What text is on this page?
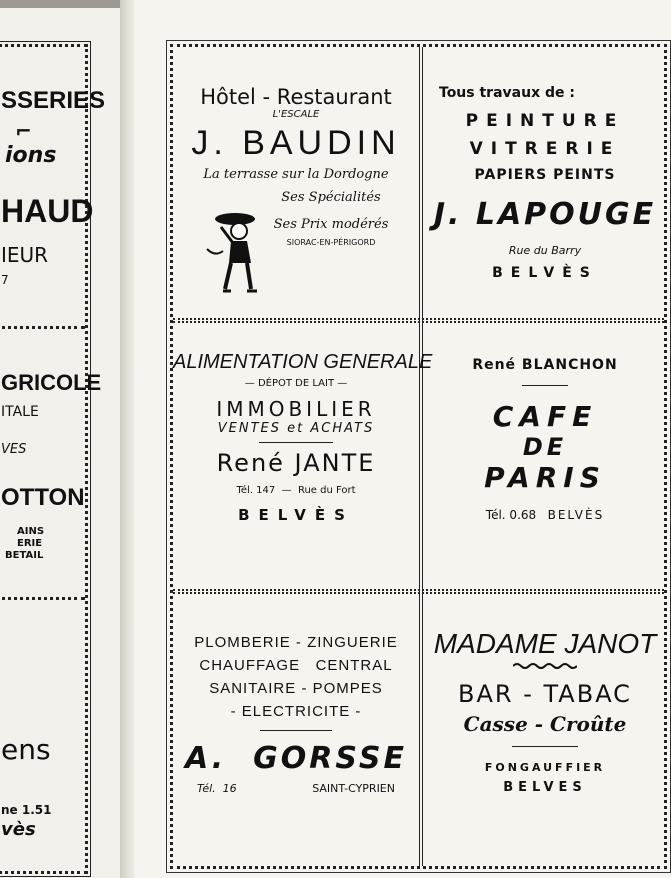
SSERIES
⌐
ions
HAUD
IEUR
7
GRICOLE
ITALE
VES
OTTON
AINS
ERIE
BETAIL
ens
ne 1.51
vès
Hôtel - Restaurant
L'ESCALE
J. BAUDIN
La terrasse sur la Dordogne
Ses Spécialités
Ses Prix modérés
SIORAC-EN-PÉRIGORD
Tous travaux de :
PEINTURE
VITRERIE
PAPIERS PEINTS
J. LAPOUGE
Rue du Barry
BELVÈS
ALIMENTATION GENERALE
— DÉPOT DE LAIT —
IMMOBILIER
VENTES et ACHATS
René JANTE
Tél. 147 — Rue du Fort
BELVÈS
René BLANCHON
CAFE
DE
PARIS
Tél. 0.68 BELVÈS
PLOMBERIE - ZINGUERIE
CHAUFFAGE   CENTRAL
SANITAIRE - POMPES
- ELECTRICITE -
A.  GORSSE
Tél.  16	SAINT-CYPRIEN
MADAME JANOT
BAR - TABAC
Casse - Croûte
FONGAUFFIER
BELVES
